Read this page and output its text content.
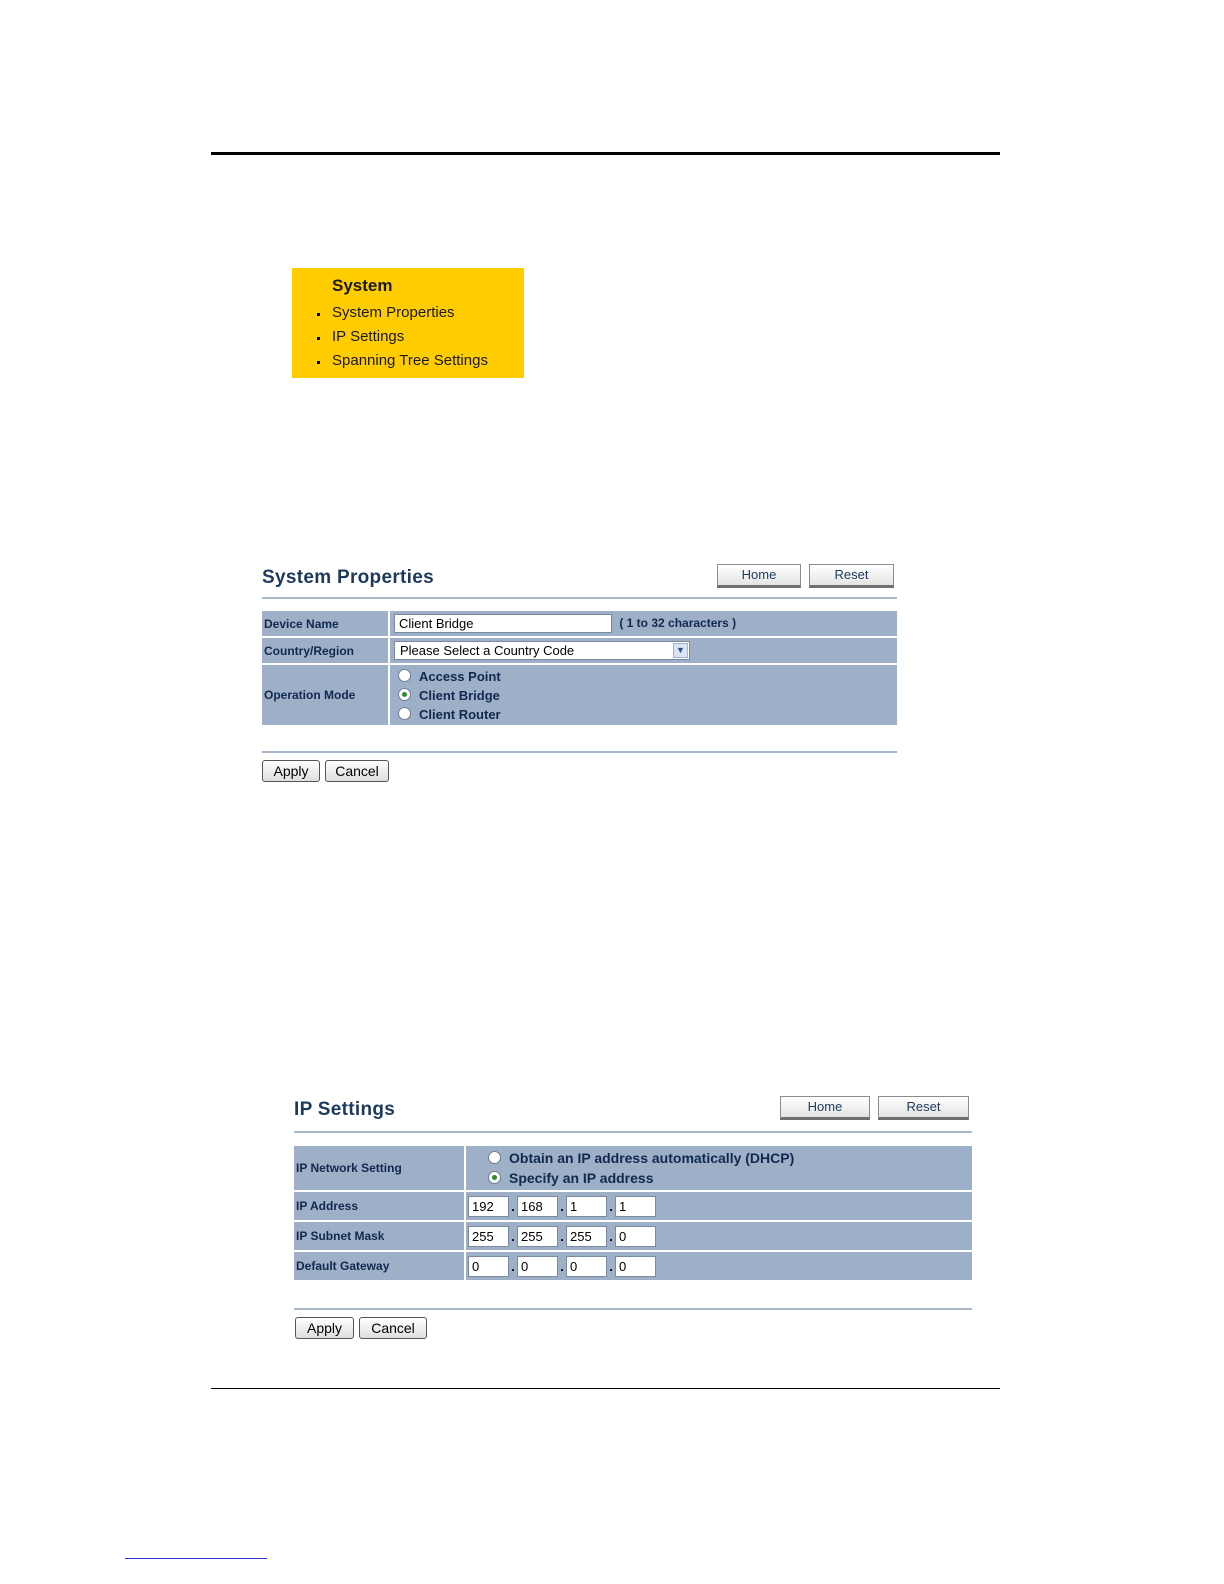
System
System Properties
IP Settings
Spanning Tree Settings
System Properties	Home	Reset
Device Name	Client Bridge( 1 to 32 characters )
Country/Region	Please Select a Country Code ▼

Operation Mode	Access Point
Client Bridge
Client Router
Apply	Cancel
IP Settings	Home	Reset
IP Network Setting	Obtain an IP address automatically (DHCP)
Specify an IP address

IP Address	192.168 .1 .1
IP Subnet Mask	255.255 .255 .0
Default Gateway	0.0 .0 .0
Apply	Cancel
